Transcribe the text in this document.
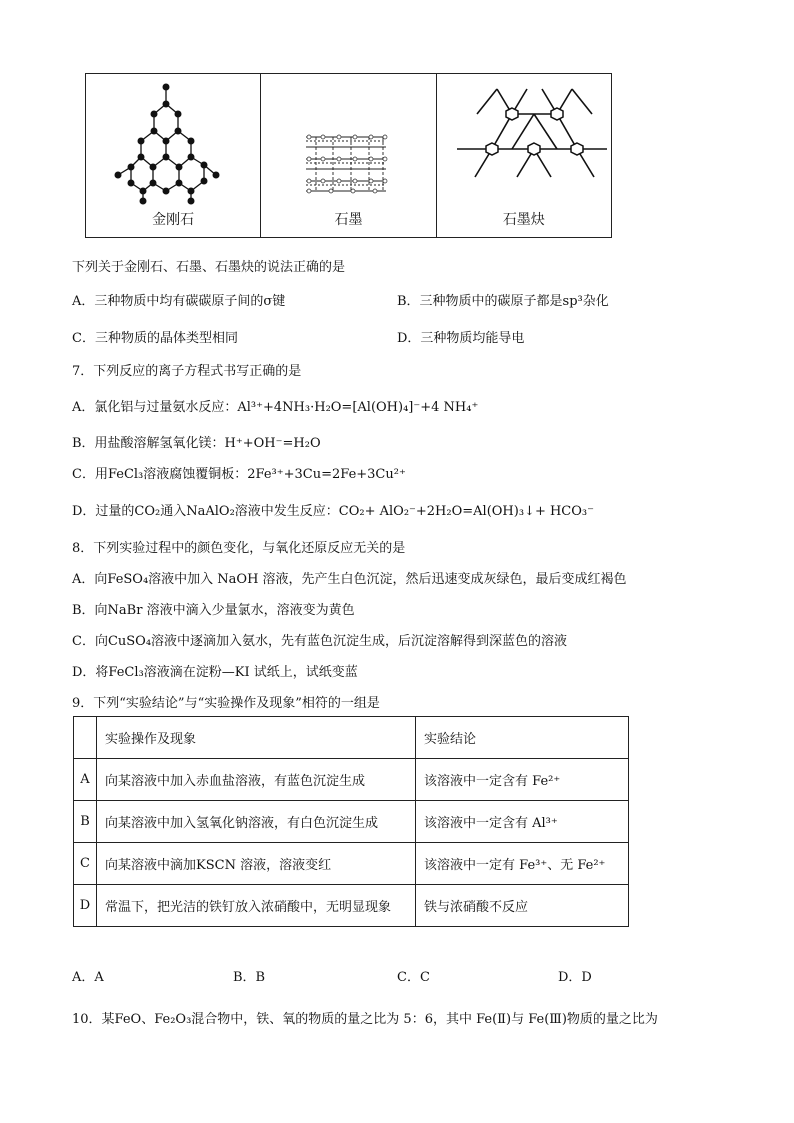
金刚石	石墨	石墨炔
下列关于金刚石、石墨、石墨炔的说法正确的是
A．三种物质中均有碳碳原子间的σ键	B．三种物质中的碳原子都是sp³杂化
C．三种物质的晶体类型相同	D．三种物质均能导电
7．下列反应的离子方程式书写正确的是
A．氯化铝与过量氨水反应：Al³⁺+4NH₃·H₂O=[Al(OH)₄]⁻+4 NH₄⁺
B．用盐酸溶解氢氧化镁：H⁺+OH⁻=H₂O
C．用FeCl₃溶液腐蚀覆铜板：2Fe³⁺+3Cu=2Fe+3Cu²⁺
D．过量的CO₂通入NaAlO₂溶液中发生反应：CO₂+ AlO₂⁻+2H₂O=Al(OH)₃↓+ HCO₃⁻
8．下列实验过程中的颜色变化，与氧化还原反应无关的是
A．向FeSO₄溶液中加入 NaOH 溶液，先产生白色沉淀，然后迅速变成灰绿色，最后变成红褐色
B．向NaBr 溶液中滴入少量氯水，溶液变为黄色
C．向CuSO₄溶液中逐滴加入氨水，先有蓝色沉淀生成，后沉淀溶解得到深蓝色的溶液
D．将FeCl₃溶液滴在淀粉—KI 试纸上，试纸变蓝
9．下列“实验结论”与“实验操作及现象”相符的一组是
	实验操作及现象	实验结论
A	向某溶液中加入赤血盐溶液，有蓝色沉淀生成	该溶液中一定含有 Fe²⁺
B	向某溶液中加入氢氧化钠溶液，有白色沉淀生成	该溶液中一定含有 Al³⁺
C	向某溶液中滴加KSCN 溶液，溶液变红	该溶液中一定有 Fe³⁺、无 Fe²⁺
D	常温下，把光洁的铁钉放入浓硝酸中，无明显现象	铁与浓硝酸不反应
A．A	B．B	C．C	D．D
10．某FeO、Fe₂O₃混合物中，铁、氧的物质的量之比为 5：6，其中 Fe(Ⅱ)与 Fe(Ⅲ)物质的量之比为
